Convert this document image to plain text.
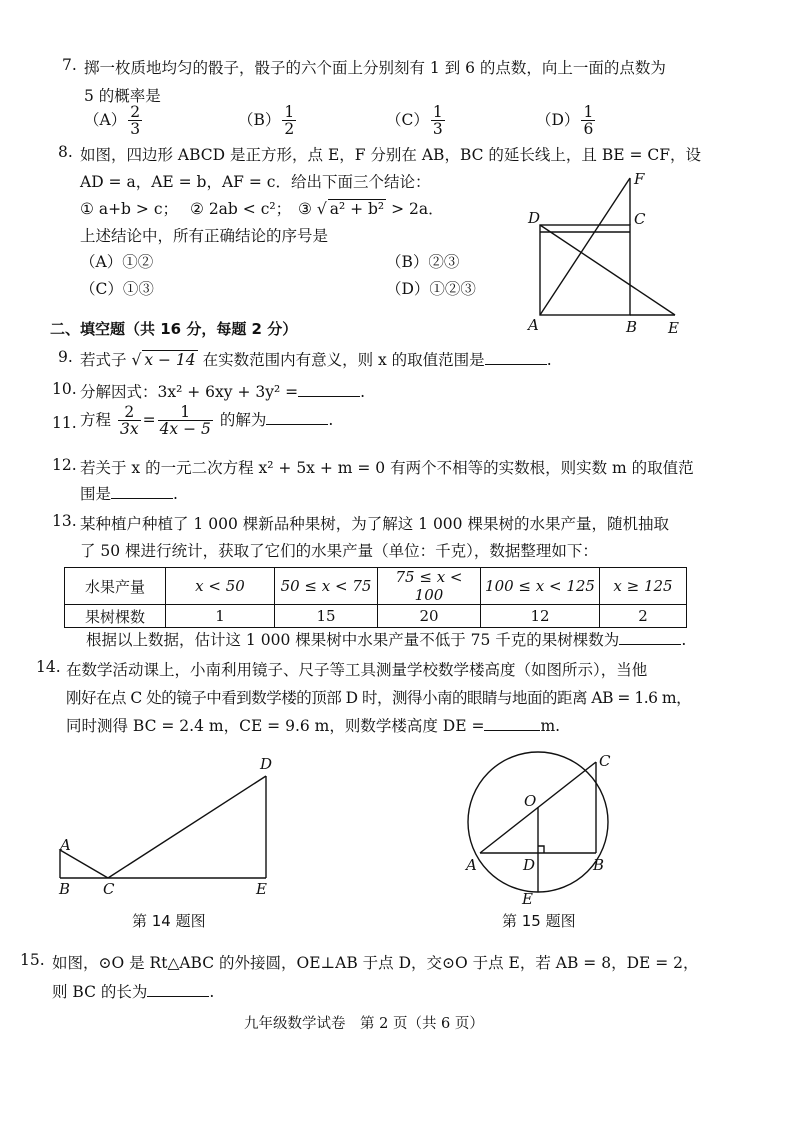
7. 掷一枚质地均匀的骰子，骰子的六个面上分别刻有 1 到 6 的点数，向上一面的点数为
5 的概率是
$(A) \frac{2}{3}$	$(B) \frac{1}{2}$	$(C) \frac{1}{3}$	$(D) \frac{1}{6}$
8. 如图，四边形 ABCD 是正方形，点 E，F 分别在 AB，BC 的延长线上，且 BE = CF，设
AD = a，AE = b，AF = c．给出下面三个结论：
① a+b > c； ② 2ab < c²； ③ √ a² + b² > 2a．
上述结论中，所有正确结论的序号是
（A）①②	（B）②③
（C）①③	（D）①②③
A	B
C
D
E
F
二、填空题（共 16 分，每题 2 分）
9. 若式子 √ x − 14 在实数范围内有意义，则 x 的取值范围是	.
10. 分解因式：3x² + 6xy + 3y² =	.
11. 方程 $\frac{2}{3x} = \frac{1}{4x - 5}$ 的解为	.
12. 若关于 x 的一元二次方程 x² + 5x + m = 0 有两个不相等的实数根，则实数 m 的取值范
围是	.
13. 某种植户种植了 1 000 棵新品种果树，为了解这 1 000 棵果树的水果产量，随机抽取
了 50 棵进行统计，获取了它们的水果产量（单位：千克），数据整理如下：
水果产量	x < 50	50 ≤ x < 75	75 ≤ x < 100	100 ≤ x < 125	x ≥ 125
果树棵数	1	15	20	12	2
根据以上数据，估计这 1 000 棵果树中水果产量不低于 75 千克的果树棵数为	.
14. 在数学活动课上，小南利用镜子、尺子等工具测量学校数学楼高度（如图所示），当他
刚好在点 C 处的镜子中看到数学楼的顶部 D 时，测得小南的眼睛与地面的距离 AB = 1.6 m，
同时测得 BC = 2.4 m，CE = 9.6 m，则数学楼高度 DE =	m.
A
B C
D
E
第 14 题图
O
A	B
C
D
E
第 15 题图
15. 如图，⊙O 是 Rt△ABC 的外接圆，OE⊥AB 于点 D，交⊙O 于点 E，若 AB = 8，DE = 2，
则 BC 的长为	.
九年级数学试卷　第 2 页（共 6 页）
